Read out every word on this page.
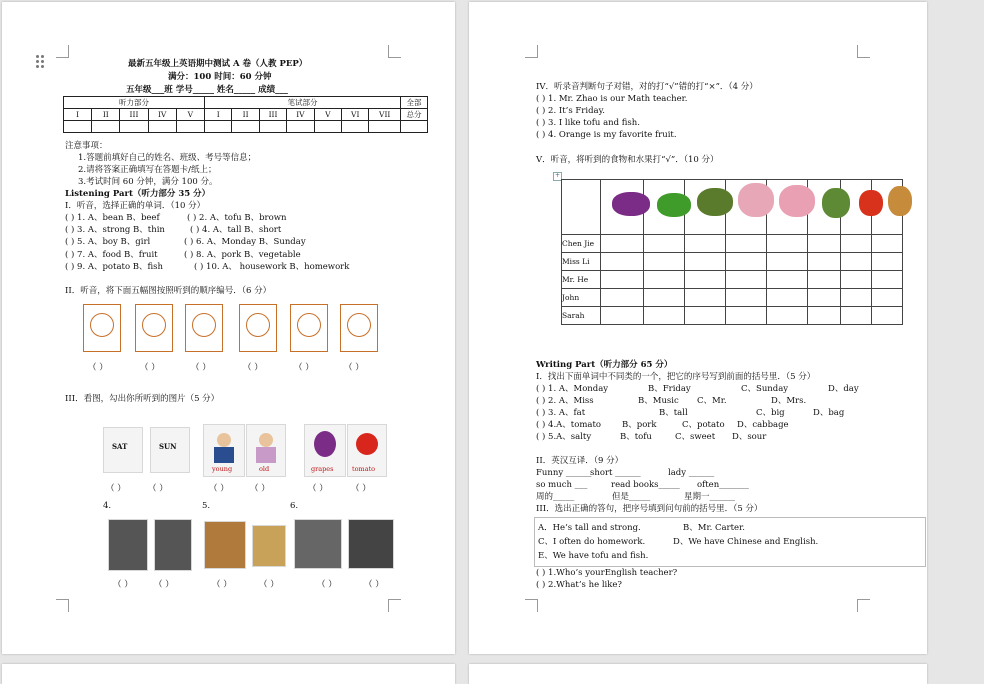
最新五年级上英语期中测试 A 卷（人教 PEP）
满分：100 时间：60 分钟
五年级___班 学号_____ 姓名_____ 成绩___
听力部分					笔试部分							全部
I	II	III	IV	V	I	II	III	IV	V	VI	VII	总分

注意事项：
1.答题前填好自己的姓名、班级、考号等信息；
2.请将答案正确填写在答题卡/纸上；
3.考试时间 60 分钟，满分 100 分。
Listening Part（听力部分 35 分）
I．听音，选择正确的单词．（10 分）
( ) 1. A、bean B、beef	( ) 2. A、tofu B、brown
( ) 3. A、strong B、thin	( ) 4. A、tall B、short
( ) 5. A、boy B、girl	( ) 6. A、Monday B、Sunday
( ) 7. A、food B、fruit	( ) 8. A、pork B、vegetable
( ) 9. A、potato B、fish	( ) 10. A、 housework B、homework
II．听音，将下面五幅图按照听到的顺序编号．（6 分）
（ ）	（ ）	（ ）	（ ）	（ ）	（ ）
III．看图，勾出你所听到的图片（5 分）
SAT	SUN
young	old	grapes	tomato
（ ）	（ ）	（ ）	（ ）	（ ）	（ ）
4.	5.	6.
（ ）	（ ）	（ ）	（ ）	（ ）	（ ）
IV．听录音判断句子对错，对的打“√”错的打“×”．（4 分）
( ) 1. Mr. Zhao is our Math teacher.
( ) 2. It’s Friday.
( ) 3. I like tofu and fish.
( ) 4. Orange is my favorite fruit.
V．听音，将听到的食物和水果打“√”．（10 分）
+

Chen Jie								
Miss Li								
Mr. He								
John								
Sarah								
Writing Part（听力部分 65 分）
I．找出下面单词中不同类的一个，把它的序号写到前面的括号里．（5 分）
( ) 1. A、Monday	B、Friday	C、Sunday	D、day
( ) 2. A、Miss	B、Music C、Mr.	D、Mrs.
( ) 3. A、fat	B、tall	C、big	D、bag
( ) 4.A、tomato B、pork	C、potato D、cabbage
( ) 5.A、salty	B、tofu	C、sweet D、sour
II．英汉互译．（9 分）
Funny ______
short ______	lady ______
so much ___	read books_____ often_______
周的_____	但是_____	星期一______
III．选出正确的答句，把序号填到问句前的括号里．（5 分）
A．He’s tall and strong.	B、Mr. Carter.
C、I often do homework.	D、We have Chinese and English.
E、We have tofu and fish.
( ) 1.Who’s yourEnglish teacher?
( ) 2.What’s he like?
